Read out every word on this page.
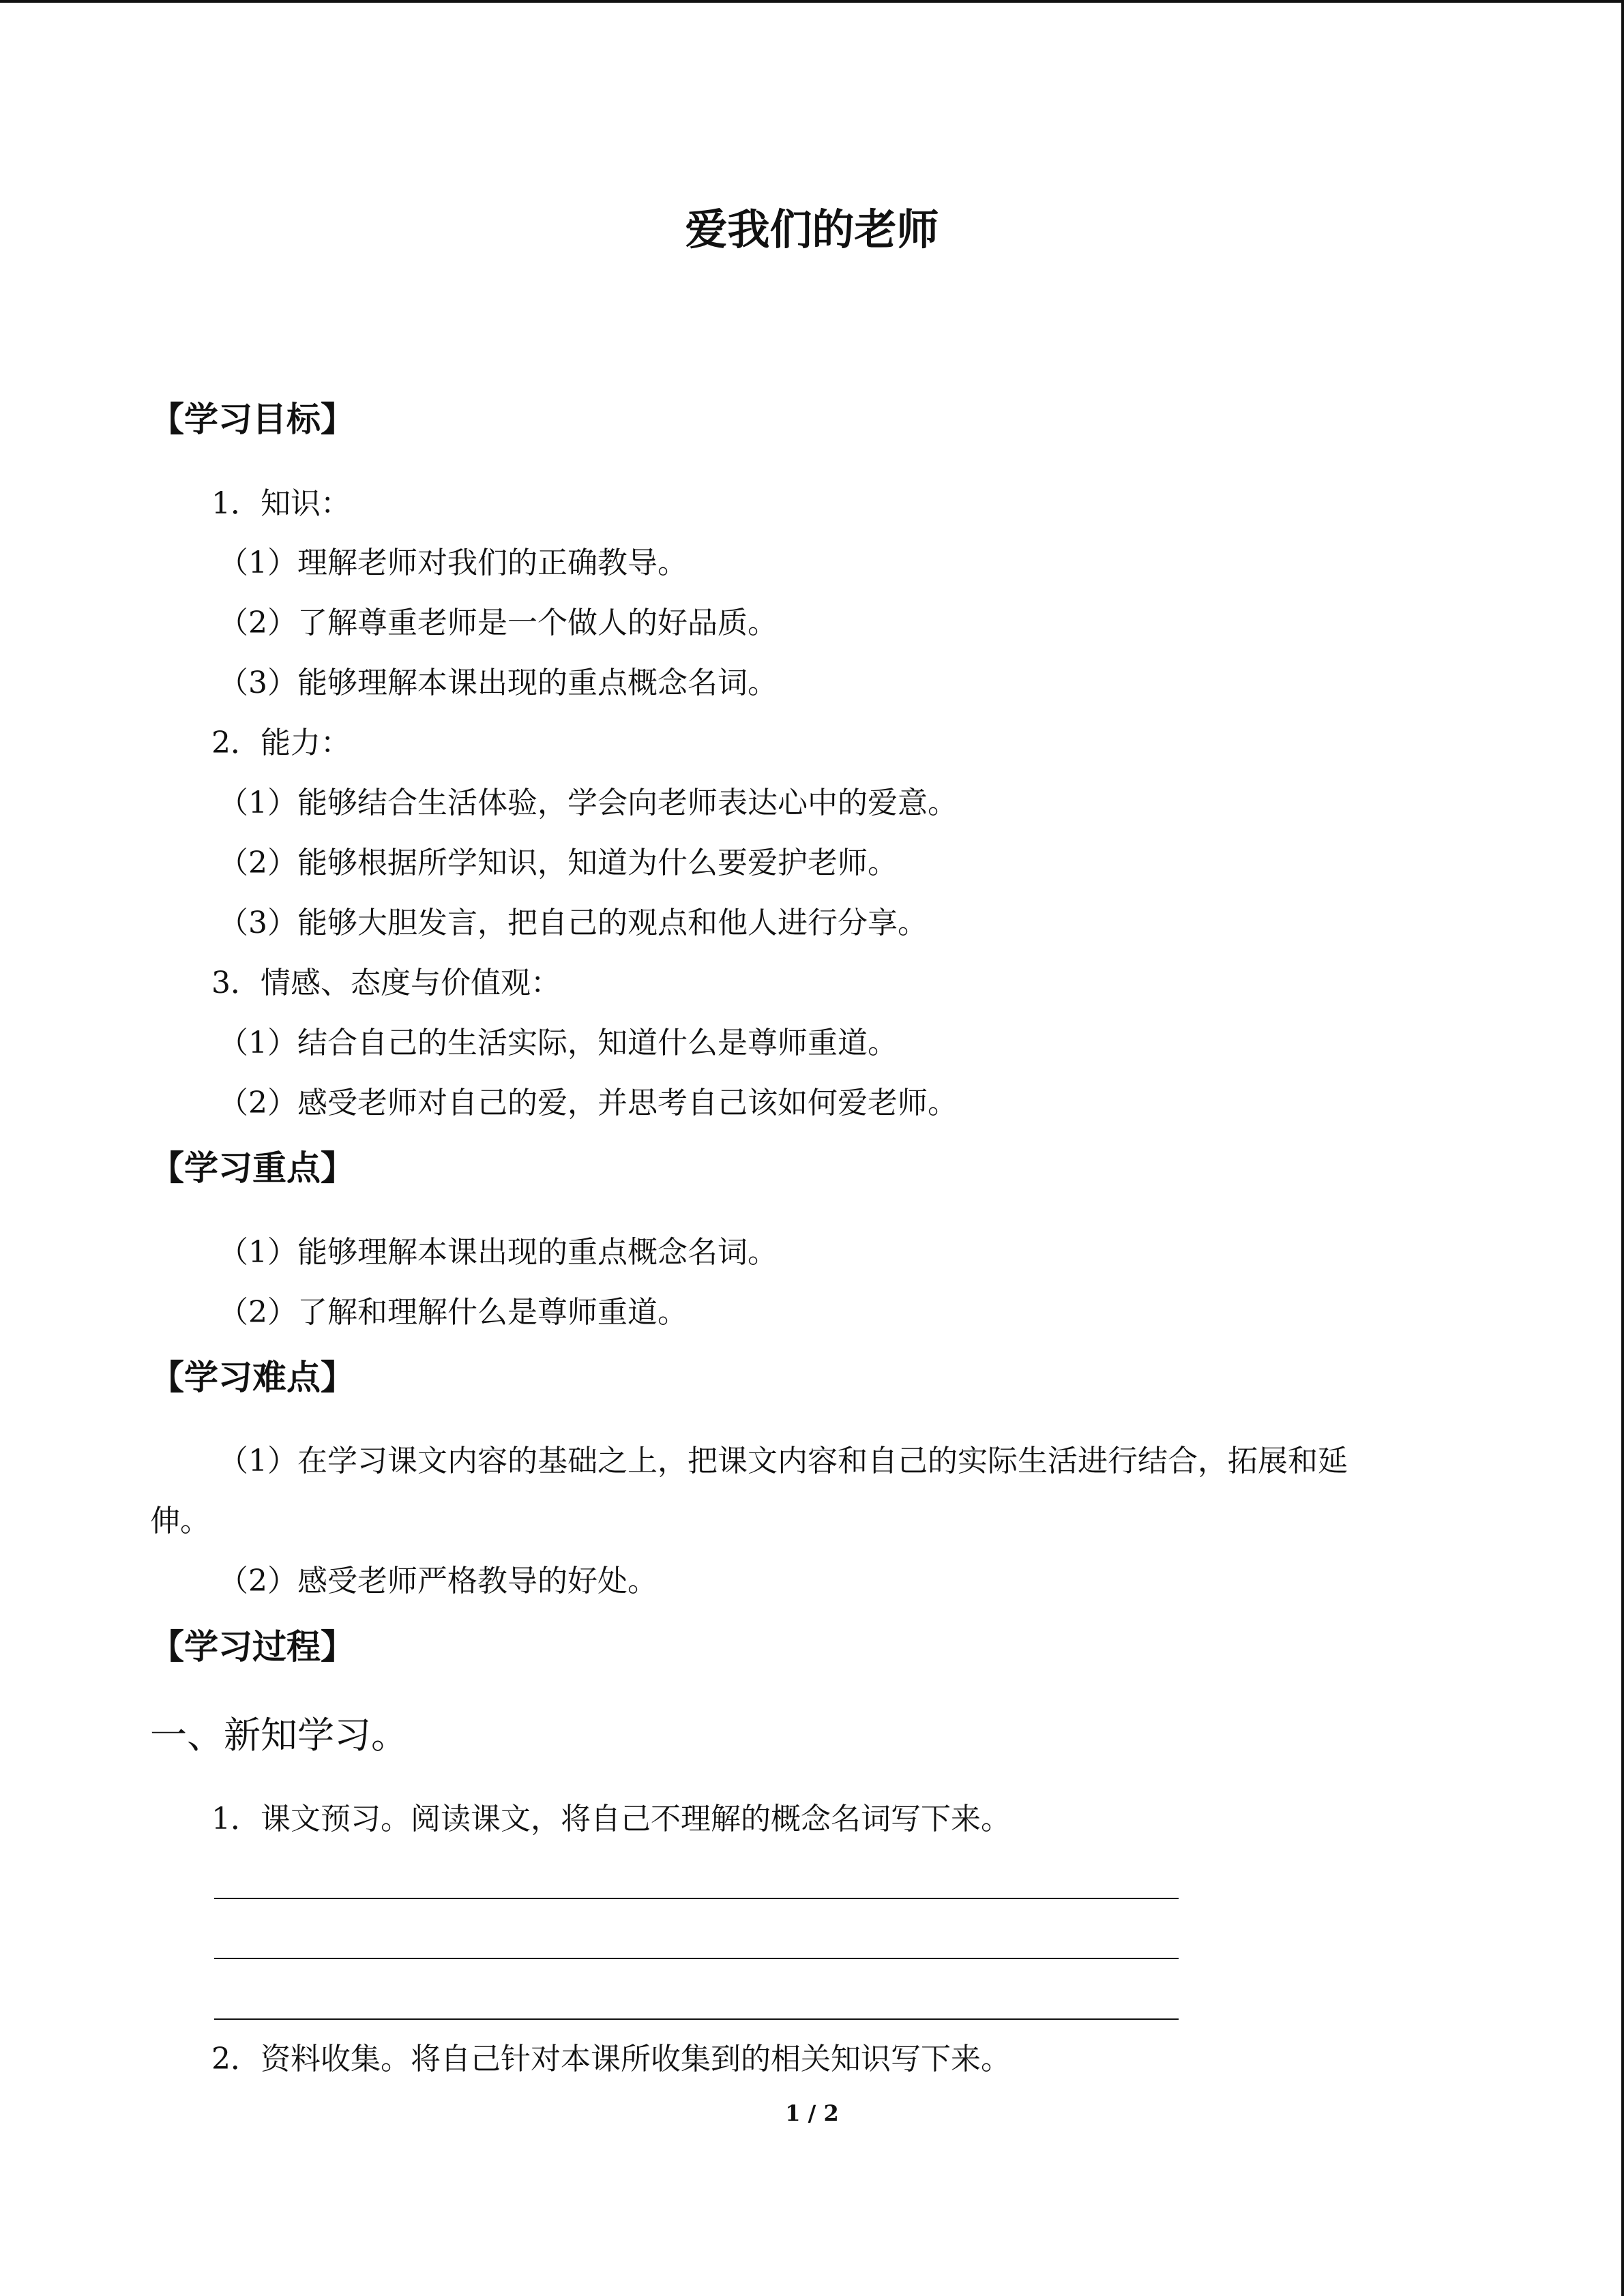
爱我们的老师
【学习目标】
1．知识：
（1）理解老师对我们的正确教导。
（2）了解尊重老师是一个做人的好品质。
（3）能够理解本课出现的重点概念名词。
2．能力：
（1）能够结合生活体验，学会向老师表达心中的爱意。
（2）能够根据所学知识，知道为什么要爱护老师。
（3）能够大胆发言，把自己的观点和他人进行分享。
3．情感、态度与价值观：
（1）结合自己的生活实际，知道什么是尊师重道。
（2）感受老师对自己的爱，并思考自己该如何爱老师。
【学习重点】
（1）能够理解本课出现的重点概念名词。
（2）了解和理解什么是尊师重道。
【学习难点】
（1）在学习课文内容的基础之上，把课文内容和自己的实际生活进行结合，拓展和延
伸。
（2）感受老师严格教导的好处。
【学习过程】
一、新知学习。
1．课文预习。阅读课文，将自己不理解的概念名词写下来。
2．资料收集。将自己针对本课所收集到的相关知识写下来。
1 / 2
